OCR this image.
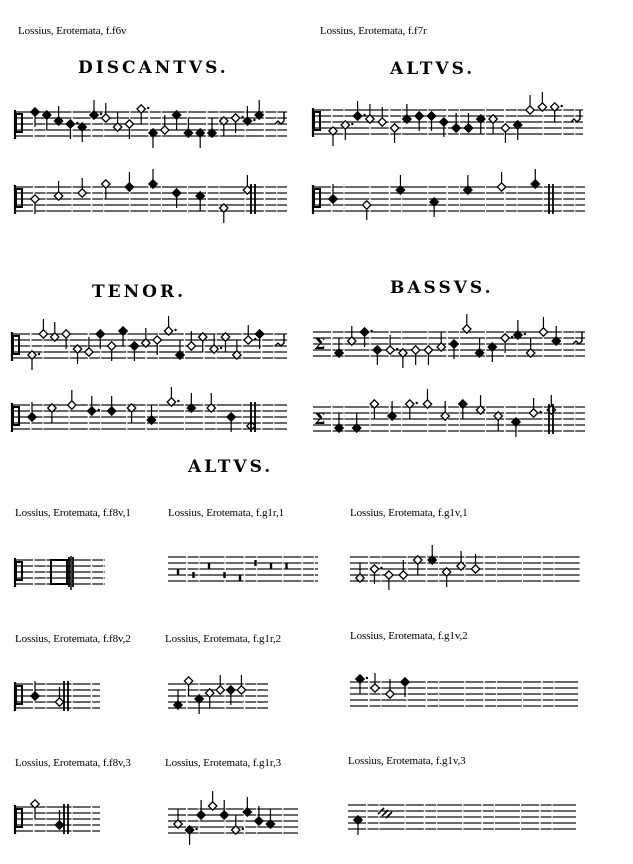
Lossius, Erotemata, f.f6v	Lossius, Erotemata, f.f7r
DISCANTVS.	ALTVS.
TENOR.	BASSVS.
ALTVS.
Ʃ
Ʃ
Lossius, Erotemata, f.f8v,1	Lossius, Erotemata, f.g1r,1	Lossius, Erotemata, f.g1v,1
Lossius, Erotemata, f.f8v,2	Lossius, Erotemata, f.g1r,2	Lossius, Erotemata, f.g1v,2
Lossius, Erotemata, f.f8v,3	Lossius, Erotemata, f.g1r,3	Lossius, Erotemata, f.g1v,3
